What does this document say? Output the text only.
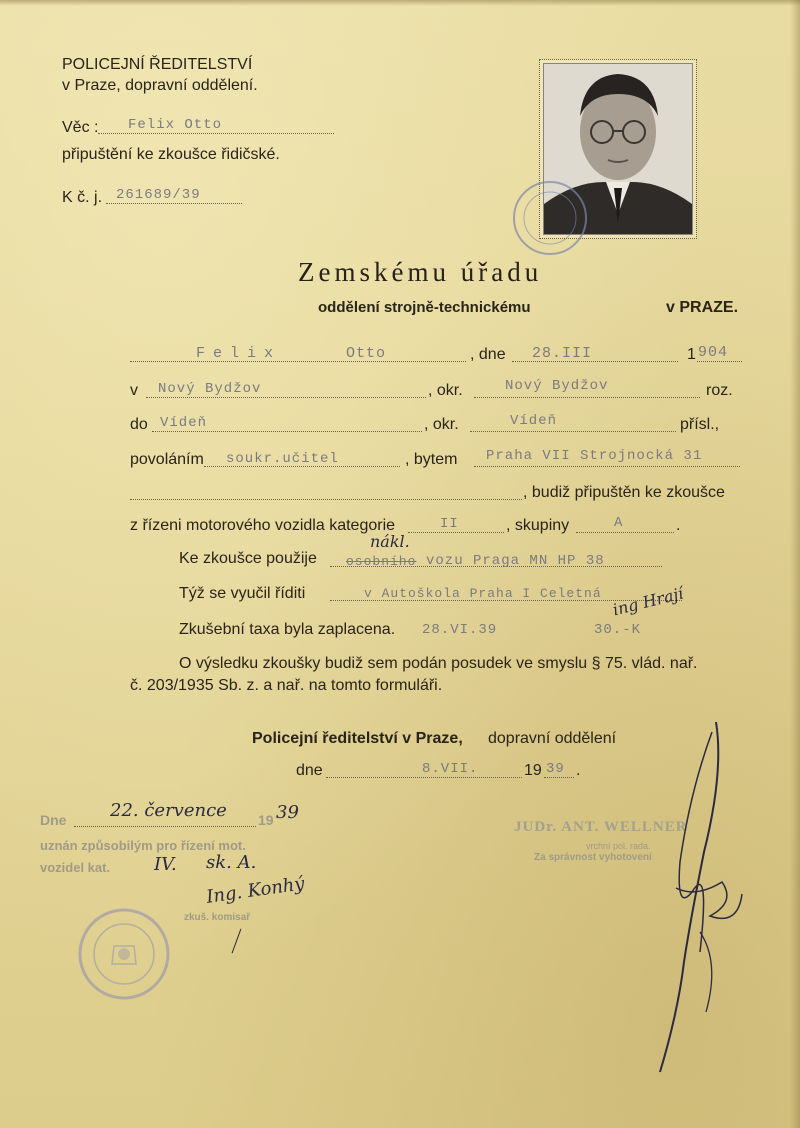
POLICEJNÍ ŘEDITELSTVÍ
v Praze, dopravní oddělení.
Věc : Felix Otto
připuštění ke zkoušce řidičské.
K č. j. 261689/39
Zemskému úřadu
oddělení strojně-technickému	v PRAZE.
Felix	Otto	, dne 28.III	1 904
v Nový Bydžov	, okr.	Nový Bydžov	roz.
do Vídeň	, okr.	Vídeň	přísl.,
povoláním soukr.učitel	, bytem Praha VII Strojnocká 31
, budiž připuštěn ke zkoušce
z řízeni motorového vozidla kategorie	II	, skupiny	A	.
Ke zkoušce použije
nákl.
osobního vozu Praga MN HP 38
Týž se vyučil říditi	v Autoškola Praha I Celetná ing Hrají
Zkušební taxa byla zaplacena. 28.VI.39	30.-K
O výsledku zkoušky budiž sem podán posudek ve smyslu § 75. vlád. nař.
č. 203/1935 Sb. z. a nař. na tomto formuláři.
Policejní ředitelství v Praze, dopravní oddělení
dne	8.VII.	19 39 .
Dne 22. července 19 39
uznán způsobilým pro řízení mot.
vozidel kat. IV. sk. A.
Ing. Konhý
zkuš. komisař
JUDr. ANT. WELLNER
vrchní pol. rada.
Za správnost vyhotovení
